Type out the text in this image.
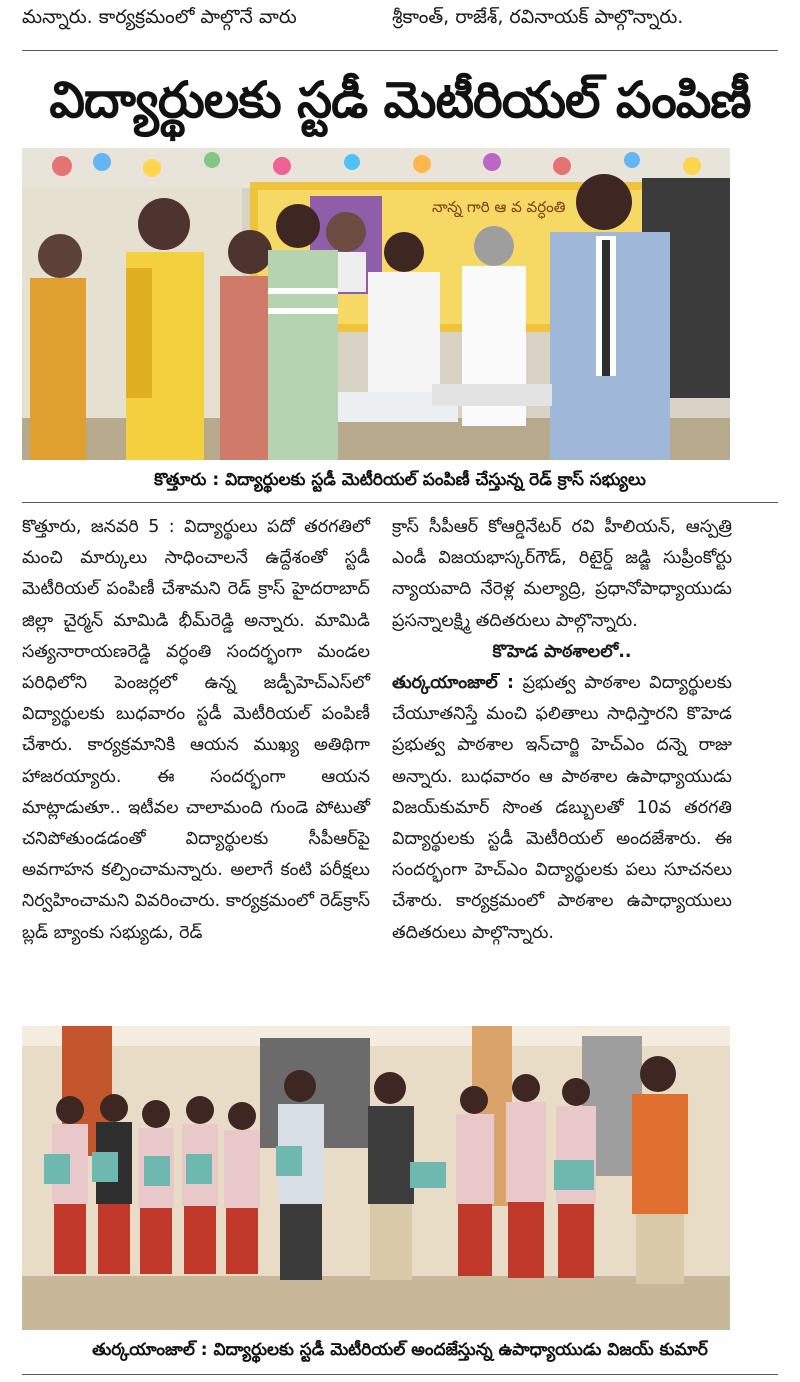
మన్నారు. కార్యక్రమంలో పాల్గొనే వారు	శ్రీకాంత్, రాజేశ్, రవినాయక్ పాల్గొన్నారు.
విద్యార్థులకు స్టడీ మెటీరియల్ పంపిణీ
నాన్న గారి ఆ వ వర్ధంతి
కొత్తూరు : విద్యార్థులకు స్టడీ మెటీరియల్ పంపిణీ చేస్తున్న రెడ్ క్రాస్ సభ్యులు

కొత్తూరు, జనవరి 5 : విద్యార్థులు పదో తరగతిలో మంచి మార్కులు సాధించాలనే ఉద్దేశంతో స్టడీ మెటీరియల్ పంపిణీ చేశామని రెడ్ క్రాస్ హైదరాబాద్ జిల్లా చైర్మన్ మామిడి భీమ్‌రెడ్డి అన్నారు. మామిడి సత్యనారాయణరెడ్డి వర్ధంతి సందర్భంగా మండల పరిధిలోని పెంజర్లలో ఉన్న జడ్పీహెచ్ఎస్‌లో విద్యార్థులకు బుధవారం స్టడీ మెటీరియల్ పంపిణీ చేశారు. కార్యక్రమానికి ఆయన ముఖ్య అతిథిగా హాజరయ్యారు. ఈ సందర్భంగా ఆయన మాట్లాడుతూ.. ఇటీవల చాలామంది గుండె పోటుతో చనిపోతుండడంతో విద్యార్థులకు సీపీఆర్‌పై అవగాహన కల్పించామన్నారు. అలాగే కంటి పరీక్షలు నిర్వహించామని వివరించారు. కార్యక్రమంలో రెడ్‌క్రాస్ బ్లడ్ బ్యాంకు సభ్యుడు, రెడ్

క్రాస్ సీపీఆర్ కోఆర్డినేటర్ రవి హీలియన్, ఆస్పత్రి ఎండీ విజయభాస్కర్‌గౌడ్, రిటైర్డ్ జడ్జి సుప్రీంకోర్టు న్యాయవాది నేరెళ్ల మల్యాద్రి, ప్రధానోపాధ్యాయుడు ప్రసన్నాలక్ష్మి తదితరులు పాల్గొన్నారు.

కొహెడ పాఠశాలలో..

తుర్కయాంజాల్ : ప్రభుత్వ పాఠశాల విద్యార్థులకు చేయూతనిస్తే మంచి ఫలితాలు సాధిస్తారని కొహెడ ప్రభుత్వ పాఠశాల ఇన్‌చార్జి హెచ్ఎం దన్నె రాజు అన్నారు. బుధవారం ఆ పాఠశాల ఉపాధ్యాయుడు విజయ్‌కుమార్ సొంత డబ్బులతో 10వ తరగతి విద్యార్థులకు స్టడీ మెటీరియల్ అందజేశారు. ఈ సందర్భంగా హెచ్ఎం విద్యార్థులకు పలు సూచనలు చేశారు. కార్యక్రమంలో పాఠశాల ఉపాధ్యాయులు తదితరులు పాల్గొన్నారు.

తుర్కయాంజాల్ : విద్యార్థులకు స్టడీ మెటీరియల్ అందజేస్తున్న ఉపాధ్యాయుడు విజయ్ కుమార్
